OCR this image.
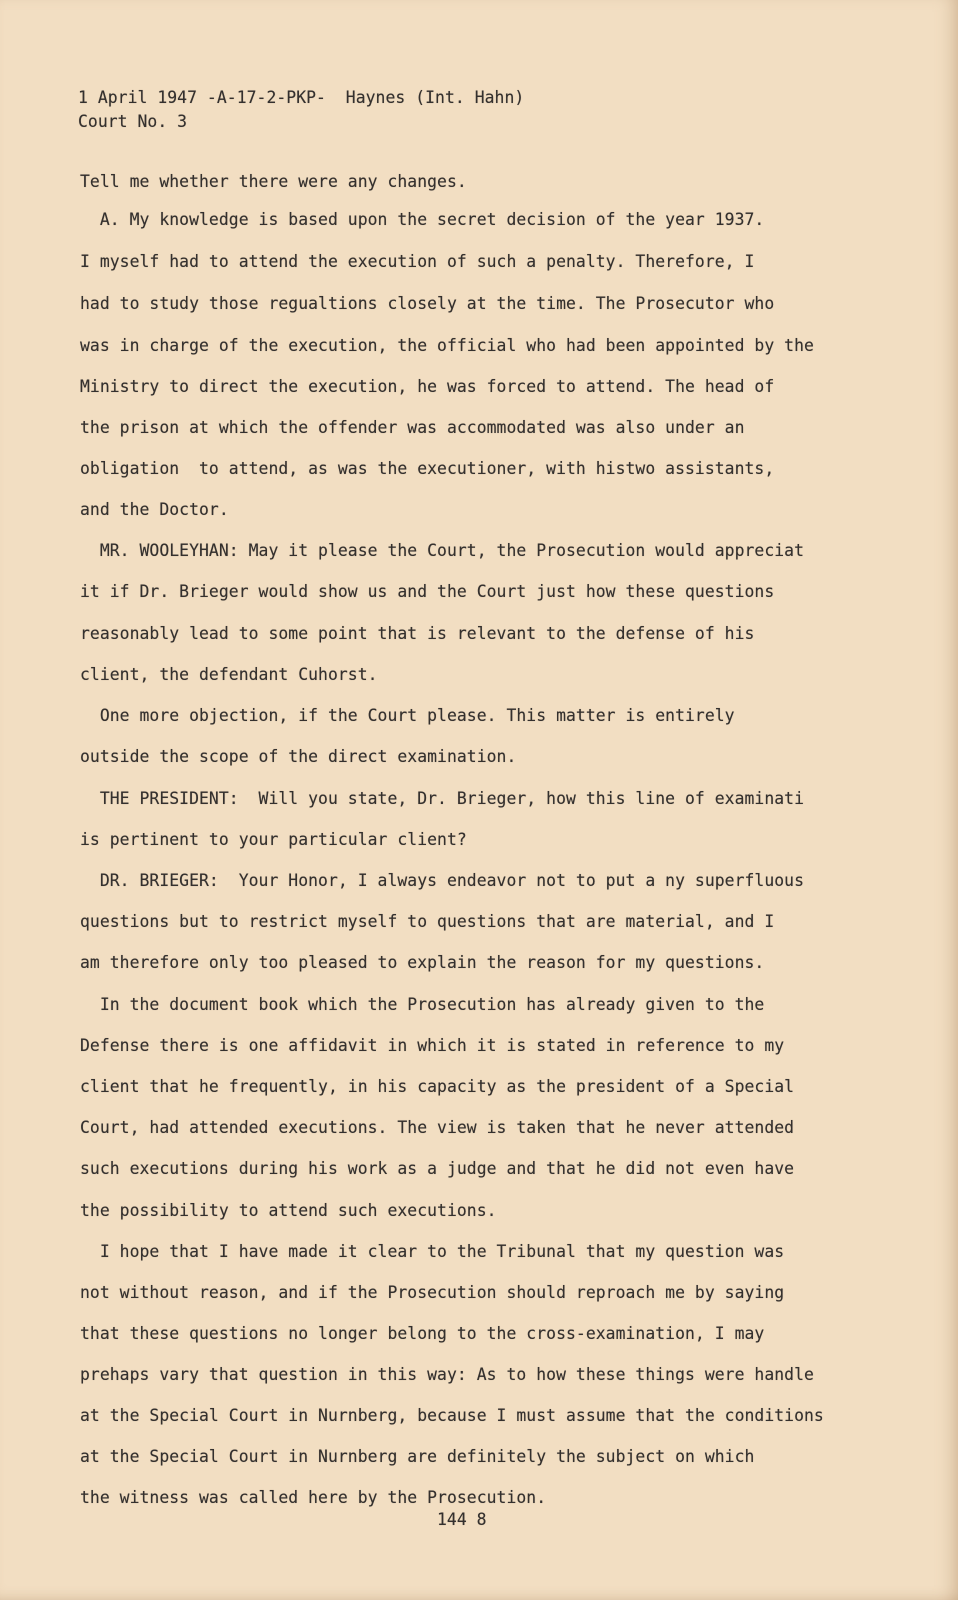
1 April 1947 -A-17-2-PKP-  Haynes (Int. Hahn)
Court No. 3
Tell me whether there were any changes.
A. My knowledge is based upon the secret decision of the year 1937.
I myself had to attend the execution of such a penalty. Therefore, I
had to study those regualtions closely at the time. The Prosecutor who
was in charge of the execution, the official who had been appointed by the
Ministry to direct the execution, he was forced to attend. The head of
the prison at which the offender was accommodated was also under an
obligation  to attend, as was the executioner, with histwo assistants,
and the Doctor.
MR. WOOLEYHAN: May it please the Court, the Prosecution would appreciat
it if Dr. Brieger would show us and the Court just how these questions
reasonably lead to some point that is relevant to the defense of his
client, the defendant Cuhorst.
One more objection, if the Court please. This matter is entirely
outside the scope of the direct examination.
THE PRESIDENT:  Will you state, Dr. Brieger, how this line of examinati
is pertinent to your particular client?
DR. BRIEGER:  Your Honor, I always endeavor not to put a ny superfluous
questions but to restrict myself to questions that are material, and I
am therefore only too pleased to explain the reason for my questions.
In the document book which the Prosecution has already given to the
Defense there is one affidavit in which it is stated in reference to my
client that he frequently, in his capacity as the president of a Special
Court, had attended executions. The view is taken that he never attended
such executions during his work as a judge and that he did not even have
the possibility to attend such executions.
I hope that I have made it clear to the Tribunal that my question was
not without reason, and if the Prosecution should reproach me by saying
that these questions no longer belong to the cross-examination, I may
prehaps vary that question in this way: As to how these things were handle
at the Special Court in Nurnberg, because I must assume that the conditions
at the Special Court in Nurnberg are definitely the subject on which
the witness was called here by the Prosecution.
144 8
